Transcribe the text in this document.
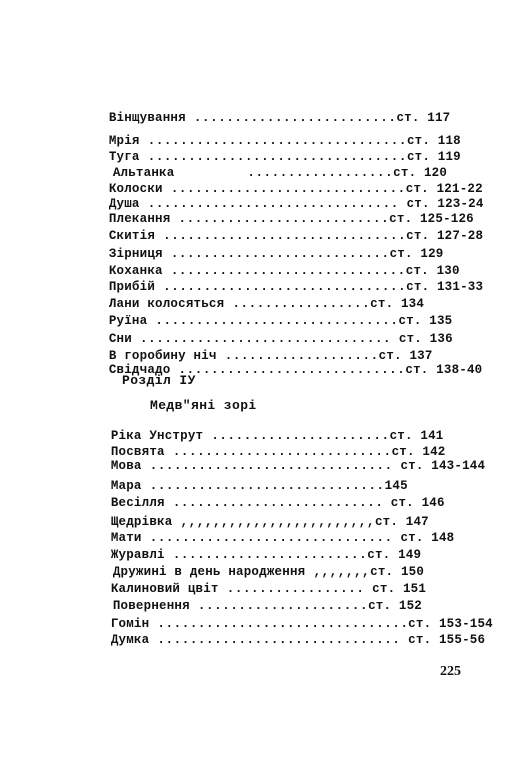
Вінщування .........................ст. 117

Мрія ................................ст. 118

Туга ................................ст. 119

Альтанка         ..................ст. 120

Колоски .............................ст. 121-22

Душа ............................... ст. 123-24

Плекання ..........................ст. 125-126

Скитія ..............................ст. 127-28

Зірниця ...........................ст. 129

Коханка .............................ст. 130

Прибій ..............................ст. 131-33

Лани колосяться .................ст. 134

Руїна ..............................ст. 135

Сни ............................... ст. 136

В горобину ніч ...................ст. 137

Свідчадо ............................ст. 138-40

Розділ ІУ
Медв"яні зорі

Ріка Унструт ......................ст. 141

Посвята ...........................ст. 142

Мова .............................. ст. 143-144

Мара .............................145

Весілля .......................... ст. 146

Щедрівка ,,,,,,,,,,,,,,,,,,,,,,,,ст. 147

Мати .............................. ст. 148

Журавлі ........................ст. 149

Дружині в день народження ,,,,,,,ст. 150

Калиновий цвіт ................. ст. 151

Повернення .....................ст. 152

Гомін ...............................ст. 153-154

Думка .............................. ст. 155-56

225
